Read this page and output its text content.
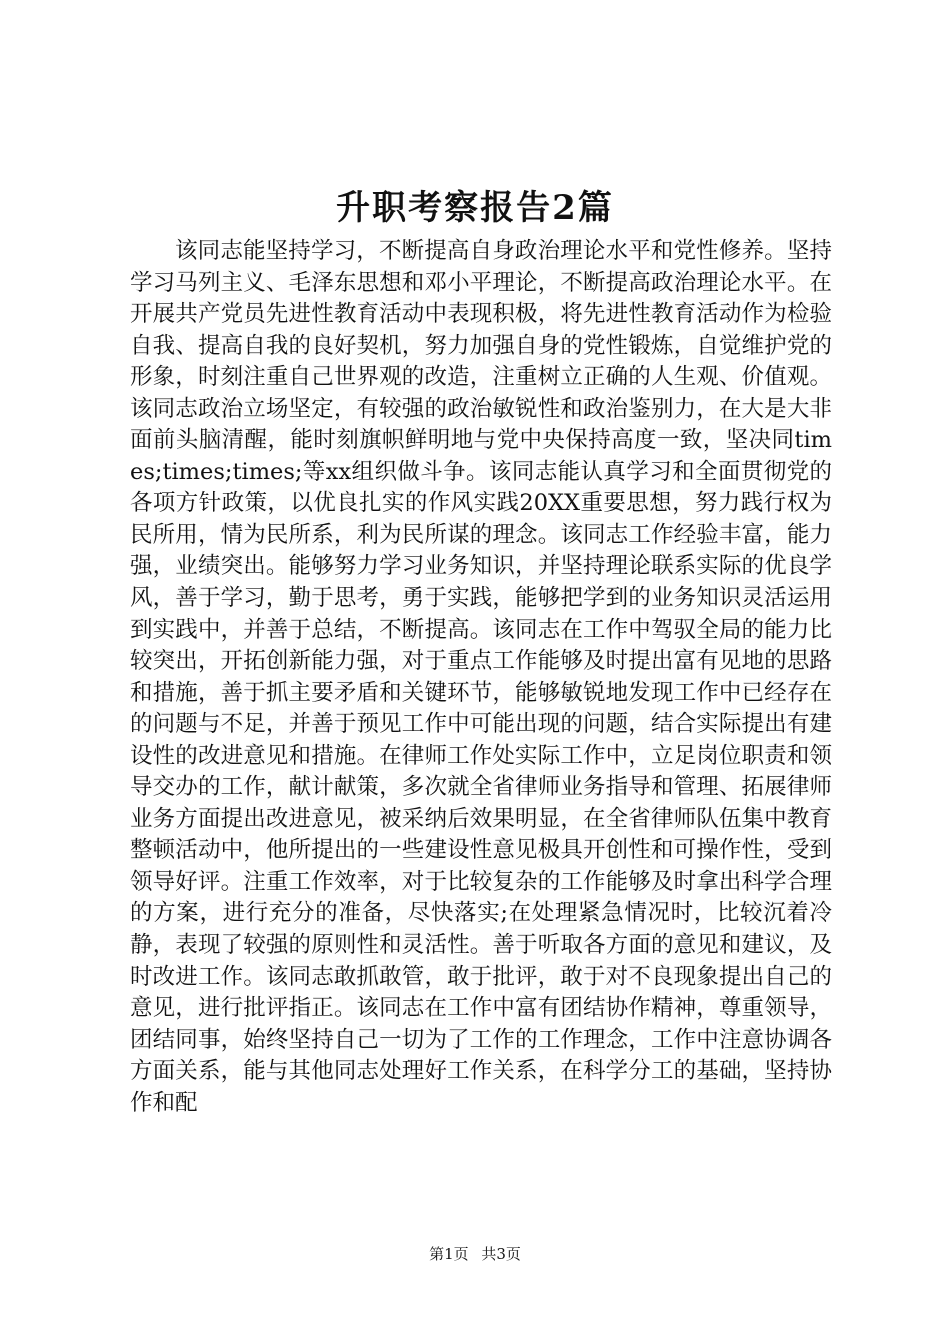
升职考察报告2篇

该同志能坚持学习，不断提高自身政治理论水平和党性修养。坚持学习马列主义、毛泽东思想和邓小平理论，不断提高政治理论水平。在开展共产党员先进性教育活动中表现积极，将先进性教育活动作为检验自我、提高自我的良好契机，努力加强自身的党性锻炼，自觉维护党的形象，时刻注重自己世界观的改造，注重树立正确的人生观、价值观。该同志政治立场坚定，有较强的政治敏锐性和政治鉴别力，在大是大非面前头脑清醒，能时刻旗帜鲜明地与党中央保持高度一致，坚决同times;times;times;等xx组织做斗争。该同志能认真学习和全面贯彻党的各项方针政策，以优良扎实的作风实践20XX重要思想，努力践行权为民所用，情为民所系，利为民所谋的理念。该同志工作经验丰富，能力强，业绩突出。能够努力学习业务知识，并坚持理论联系实际的优良学风，善于学习，勤于思考，勇于实践，能够把学到的业务知识灵活运用到实践中，并善于总结，不断提高。该同志在工作中驾驭全局的能力比较突出，开拓创新能力强，对于重点工作能够及时提出富有见地的思路和措施，善于抓主要矛盾和关键环节，能够敏锐地发现工作中已经存在的问题与不足，并善于预见工作中可能出现的问题，结合实际提出有建设性的改进意见和措施。在律师工作处实际工作中，立足岗位职责和领导交办的工作，献计献策，多次就全省律师业务指导和管理、拓展律师业务方面提出改进意见，被采纳后效果明显，在全省律师队伍集中教育整顿活动中，他所提出的一些建设性意见极具开创性和可操作性，受到领导好评。注重工作效率，对于比较复杂的工作能够及时拿出科学合理的方案，进行充分的准备，尽快落实;在处理紧急情况时，比较沉着冷静，表现了较强的原则性和灵活性。善于听取各方面的意见和建议，及时改进工作。该同志敢抓敢管，敢于批评，敢于对不良现象提出自己的意见，进行批评指正。该同志在工作中富有团结协作精神，尊重领导，团结同事，始终坚持自己一切为了工作的工作理念，工作中注意协调各方面关系，能与其他同志处理好工作关系，在科学分工的基础，坚持协作和配

第1页 共3页
